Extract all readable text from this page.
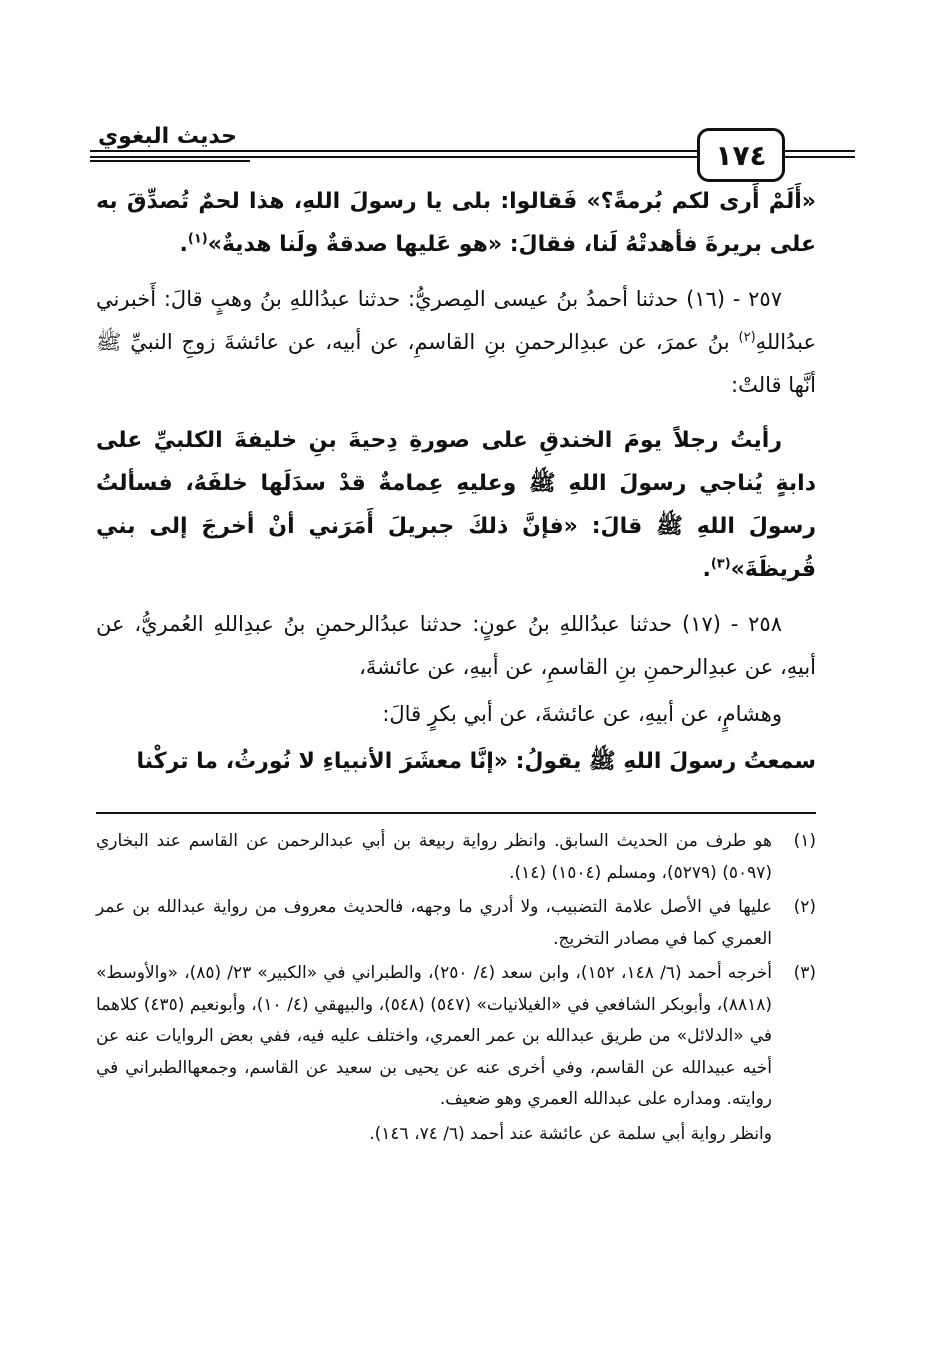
١٧٤
حديث البغوي

«أَلَمْ أَرى لكم بُرمةً؟» فَقالوا: بلى يا رسولَ اللهِ، هذا لحمٌ تُصدِّقَ به على بريرةَ فأهدتْهُ لَنا، فقالَ: «هو عَليها صدقةٌ ولَنا هديةٌ»$^{(١)}$.

٢٥٧ - (١٦) حدثنا أحمدُ بنُ عيسى المِصريُّ: حدثنا عبدُاللهِ بنُ وهبٍ قالَ: أَخبرني عبدُاللهِ$^{(٢)}$ بنُ عمرَ، عن عبدِالرحمنِ بنِ القاسمِ، عن أبيه، عن عائشةَ زوجِ النبيِّ ﷺ أنَّها قالتْ:

رأيتُ رجلاً يومَ الخندقِ على صورةِ دِحيةَ بنِ خليفةَ الكلبيِّ على دابةٍ يُناجي رسولَ اللهِ ﷺ وعليهِ عِمامةٌ قدْ سدَلَها خلفَهُ، فسألتُ رسولَ اللهِ ﷺ قالَ: «فإنَّ ذلكَ جبريلَ أَمَرَني أنْ أخرجَ إلى بني قُريظَةَ»$^{(٣)}$.

٢٥٨ - (١٧) حدثنا عبدُاللهِ بنُ عونٍ: حدثنا عبدُالرحمنِ بنُ عبدِاللهِ العُمريُّ، عن أبيهِ، عن عبدِالرحمنِ بنِ القاسمِ، عن أبيهِ، عن عائشةَ،

وهشامٍ، عن أبيهِ، عن عائشةَ، عن أبي بكرٍ قالَ:

سمعتُ رسولَ اللهِ ﷺ يقولُ: «إنَّا معشَرَ الأنبياءِ لا نُورثُ، ما تركْنا

(١)
هو طرف من الحديث السابق. وانظر رواية ربيعة بن أبي عبدالرحمن عن القاسم عند البخاري (٥٠٩٧) (٥٢٧٩)، ومسلم (١٥٠٤) (١٤).
(٢)
عليها في الأصل علامة التضبيب، ولا أدري ما وجهه، فالحديث معروف من رواية عبدالله بن عمر العمري كما في مصادر التخريج.
(٣)
أخرجه أحمد (٦/ ١٤٨، ١٥٢)، وابن سعد (٤/ ٢٥٠)، والطبراني في «الكبير» ٢٣/ (٨٥)، «والأوسط» (٨٨١٨)، وأبوبكر الشافعي في «الغيلانيات» (٥٤٧) (٥٤٨)، والبيهقي (٤/ ١٠)، وأبونعيم (٤٣٥) كلاهما في «الدلائل» من طريق عبدالله بن عمر العمري، واختلف عليه فيه، ففي بعض الروايات عنه عن أخيه عبيدالله عن القاسم، وفي أخرى عنه عن يحيى بن سعيد عن القاسم، وجمعهاالطبراني في روايته. ومداره على عبدالله العمري وهو ضعيف.
وانظر رواية أبي سلمة عن عائشة عند أحمد (٦/ ٧٤، ١٤٦).
